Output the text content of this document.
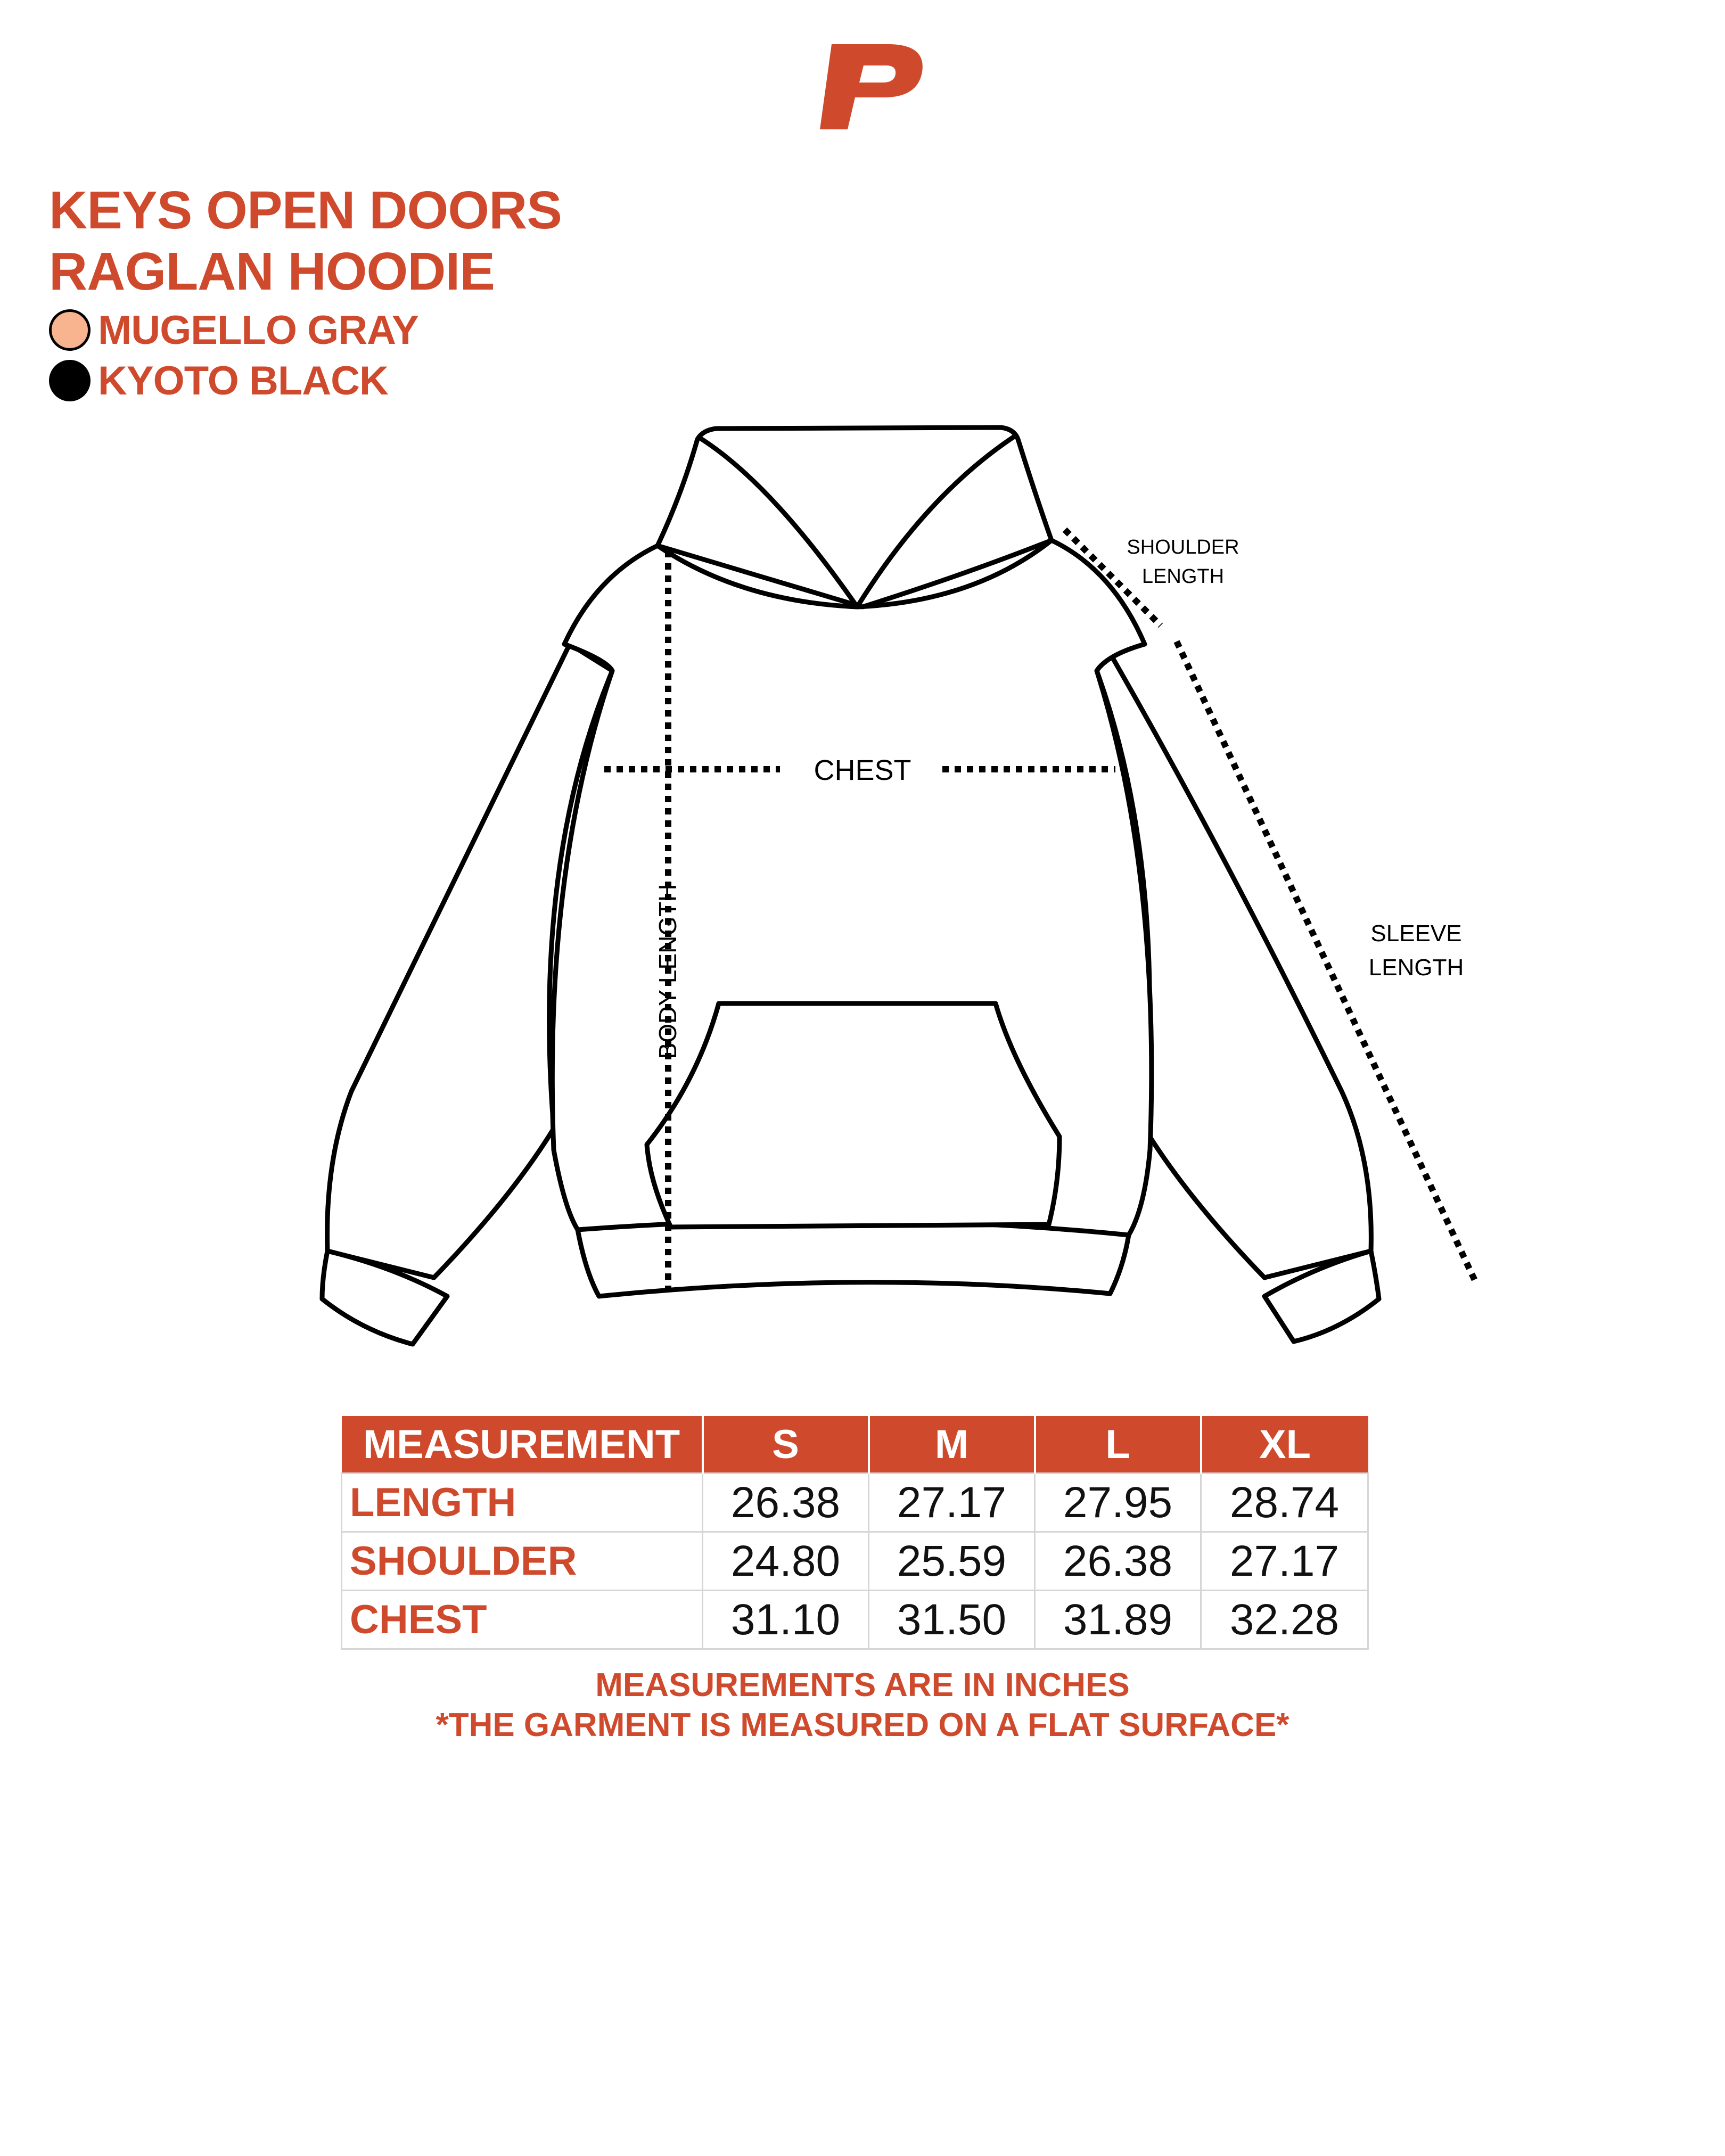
KEYS OPEN DOORS
RAGLAN HOODIE
MUGELLO GRAY
KYOTO BLACK
SHOULDER
LENGTH
CHEST
SLEEVE
LENGTH
BODY LENGTH
MEASUREMENT	S	M	L	XL
LENGTH	26.38	27.17	27.95	28.74
SHOULDER	24.80	25.59	26.38	27.17
CHEST	31.10	31.50	31.89	32.28
MEASUREMENTS ARE IN INCHES
*THE GARMENT IS MEASURED ON A FLAT SURFACE*
